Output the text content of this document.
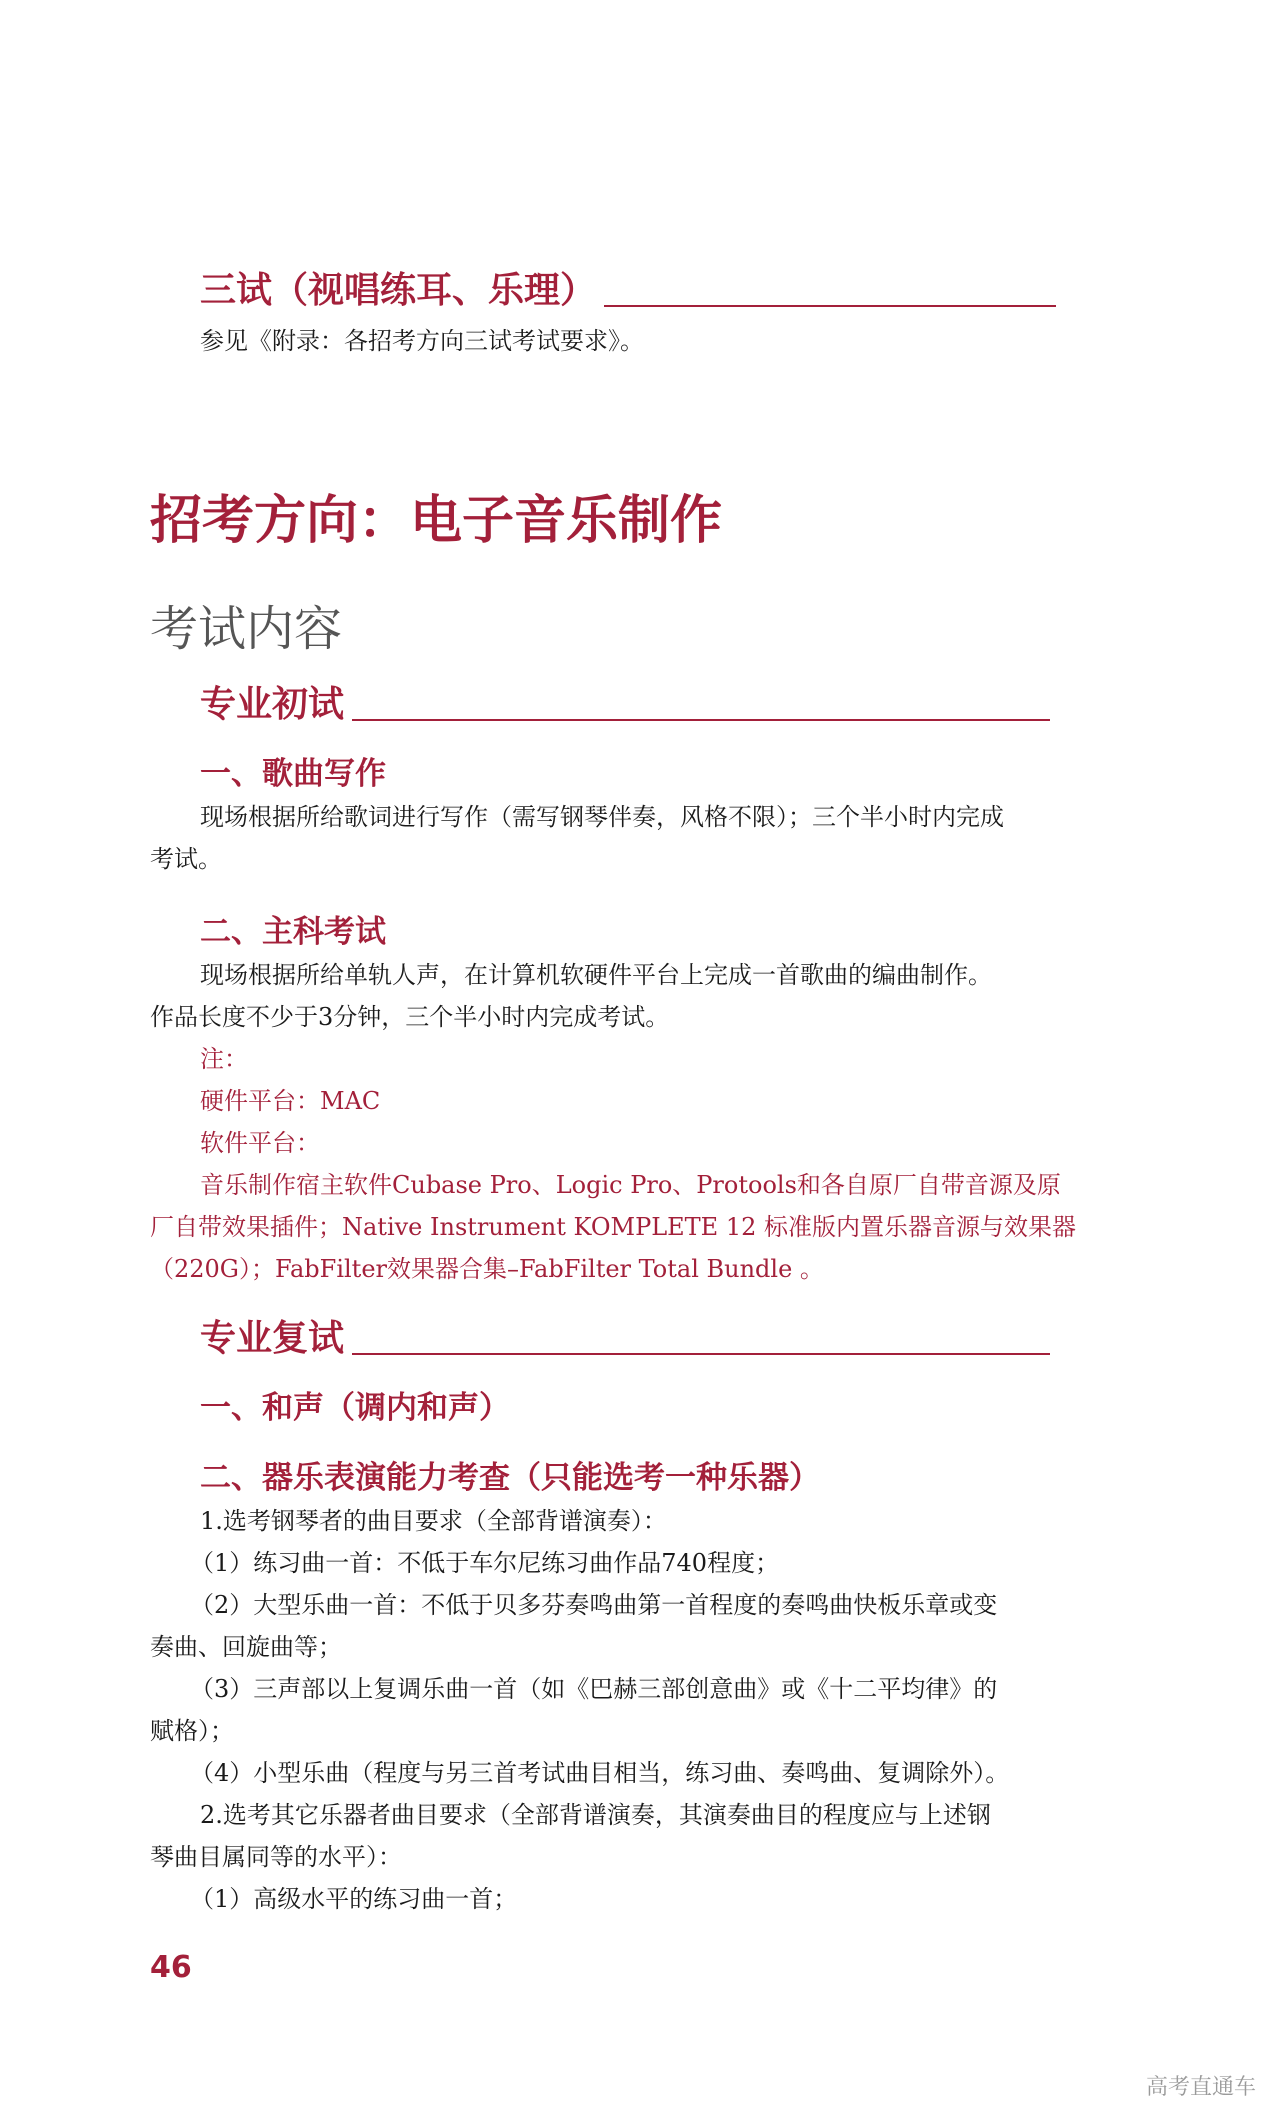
三试（视唱练耳、乐理）
参见《附录：各招考方向三试考试要求》。
招考方向：电子音乐制作
考试内容
专业初试
一、歌曲写作
现场根据所给歌词进行写作（需写钢琴伴奏，风格不限）；三个半小时内完成
考试。
二、主科考试
现场根据所给单轨人声，在计算机软硬件平台上完成一首歌曲的编曲制作。
作品长度不少于3分钟，三个半小时内完成考试。
注：
硬件平台：MAC
软件平台：
音乐制作宿主软件Cubase Pro、Logic Pro、Protools和各自原厂自带音源及原
厂自带效果插件；Native Instrument KOMPLETE 12 标准版内置乐器音源与效果器
（220G）；FabFilter效果器合集–FabFilter Total Bundle 。
专业复试
一、和声（调内和声）
二、器乐表演能力考查（只能选考一种乐器）
1.选考钢琴者的曲目要求（全部背谱演奏）：
（1）练习曲一首：不低于车尔尼练习曲作品740程度；
（2）大型乐曲一首：不低于贝多芬奏鸣曲第一首程度的奏鸣曲快板乐章或变
奏曲、回旋曲等；
（3）三声部以上复调乐曲一首（如《巴赫三部创意曲》或《十二平均律》的
赋格）；
（4）小型乐曲（程度与另三首考试曲目相当，练习曲、奏鸣曲、复调除外）。
2.选考其它乐器者曲目要求（全部背谱演奏，其演奏曲目的程度应与上述钢
琴曲目属同等的水平）：
（1）高级水平的练习曲一首；
46
高考直通车
